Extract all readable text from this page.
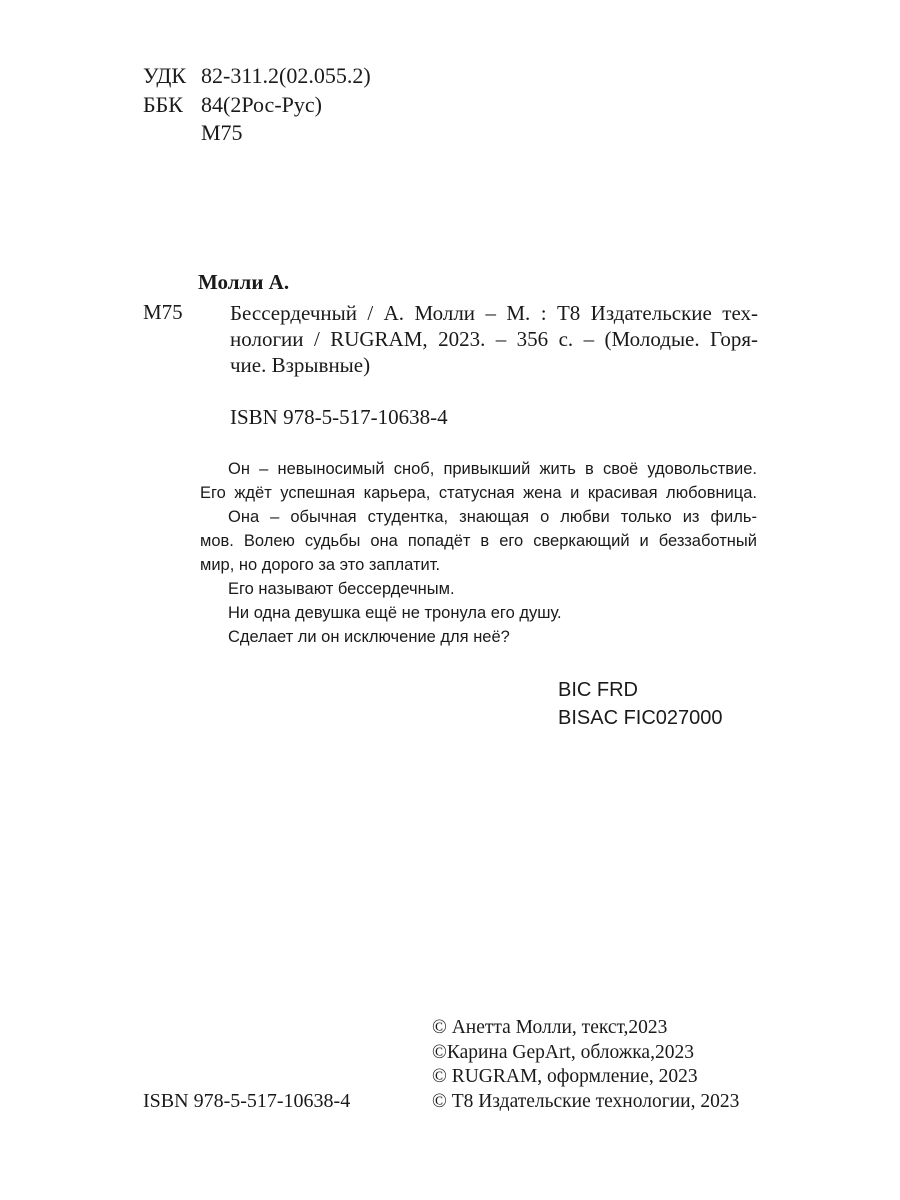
УДК 82-311.2(02.055.2)
ББК 84(2Рос-Рус)
М75
Молли А.
М75 Бессердечный / А. Молли – М. : Т8 Издательские тех-
нологии / RUGRAM, 2023. – 356 с. – (Молодые. Горя-
чие. Взрывные)
ISBN 978-5-517-10638-4
Он – невыносимый сноб, привыкший жить в своё удовольствие.
Его ждёт успешная карьера, статусная жена и красивая любовница.
Она – обычная студентка, знающая о любви только из филь-
мов. Волею судьбы она попадёт в его сверкающий и беззаботный
мир, но дорого за это заплатит.
Его называют бессердечным.
Ни одна девушка ещё не тронула его душу.
Сделает ли он исключение для неё?
BIC FRD
BISAC FIC027000
© Анетта Молли, текст,2023
©Карина GepArt, обложка,2023
© RUGRAM, оформление, 2023
© Т8 Издательские технологии, 2023
ISBN 978-5-517-10638-4
